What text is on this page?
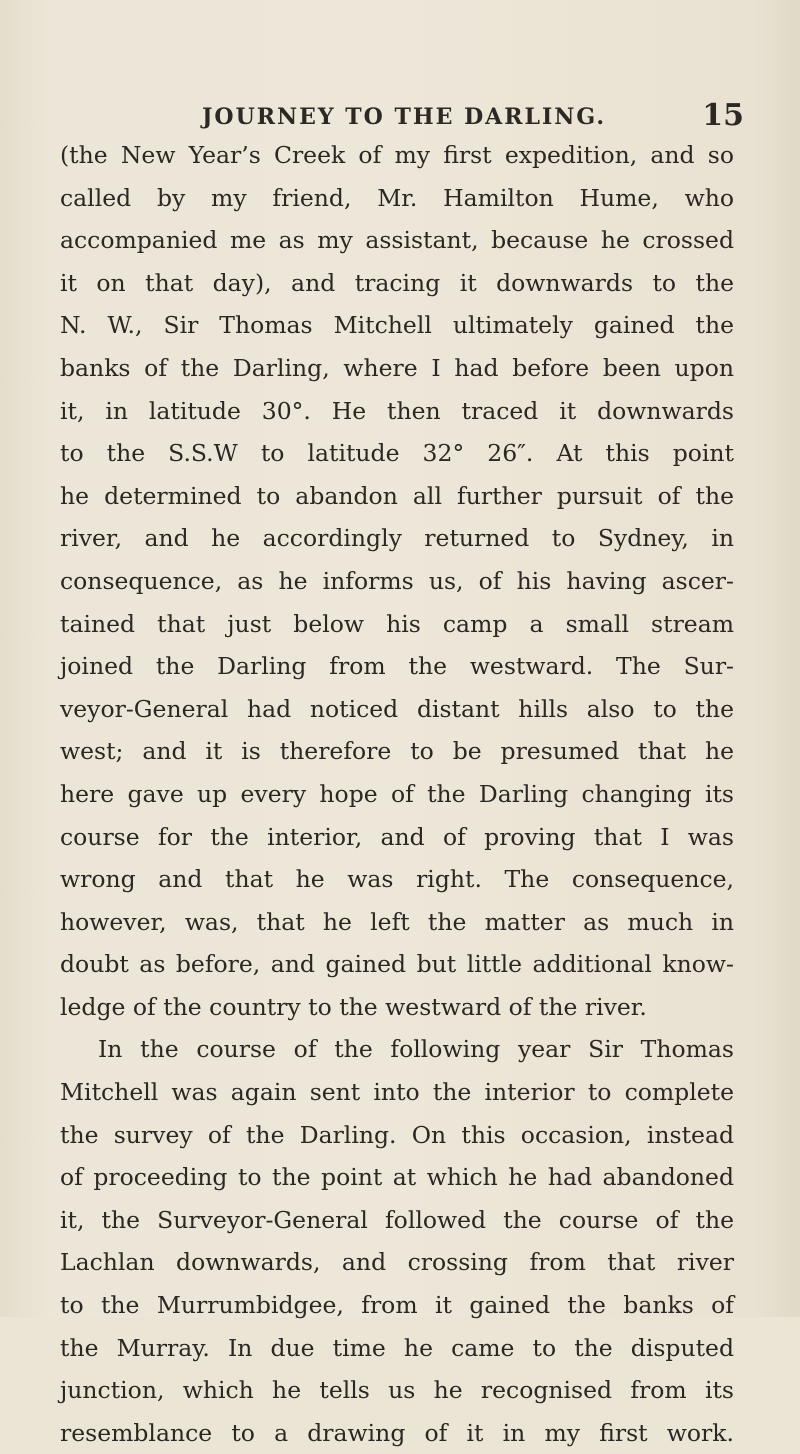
JOURNEY TO THE DARLING.	15
(the New Year’s Creek of my first expedition, and so
called by my friend, Mr. Hamilton Hume, who
accompanied me as my assistant, because he crossed
it on that day), and tracing it downwards to the
N. W., Sir Thomas Mitchell ultimately gained the
banks of the Darling, where I had before been upon
it, in latitude 30°. He then traced it downwards
to the S.S.W to latitude 32° 26″. At this point
he determined to abandon all further pursuit of the
river, and he accordingly returned to Sydney, in
consequence, as he informs us, of his having ascer-
tained that just below his camp a small stream
joined the Darling from the westward. The Sur-
veyor-General had noticed distant hills also to the
west; and it is therefore to be presumed that he
here gave up every hope of the Darling changing its
course for the interior, and of proving that I was
wrong and that he was right. The consequence,
however, was, that he left the matter as much in
doubt as before, and gained but little additional know-
ledge of the country to the westward of the river.
In the course of the following year Sir Thomas
Mitchell was again sent into the interior to complete
the survey of the Darling. On this occasion, instead
of proceeding to the point at which he had abandoned
it, the Surveyor-General followed the course of the
Lachlan downwards, and crossing from that river
to the Murrumbidgee, from it gained the banks of
the Murray. In due time he came to the disputed
junction, which he tells us he recognised from its
resemblance to a drawing of it in my first work.
